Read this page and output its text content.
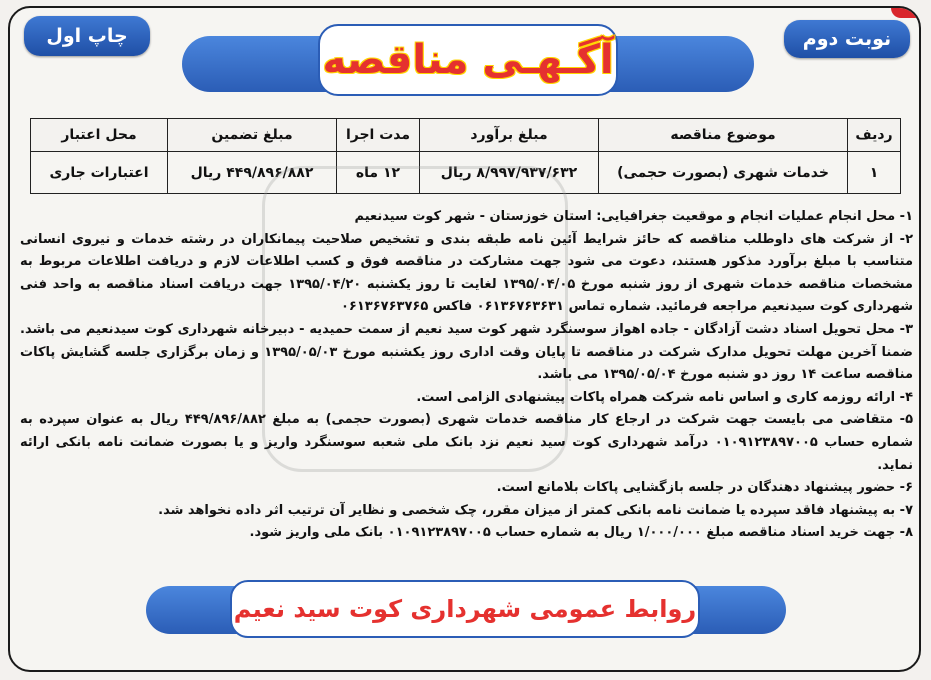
آگـهـی مناقصه	نوبت دوم
چاپ اول
ردیف	موضوع مناقصه	مبلغ برآورد	مدت اجرا	مبلغ تضمین	محل اعتبار
۱	خدمات شهری (بصورت حجمی)	۸/۹۹۷/۹۳۷/۶۳۲ ریال	۱۲ ماه	۴۴۹/۸۹۶/۸۸۲ ریال	اعتبارات جاری

۱- محل انجام عملیات انجام و موقعیت جغرافیایی: استان خوزستان - شهر کوت سیدنعیم

۲- از شرکت های داوطلب مناقصه که حائز شرایط آئین نامه طبقه بندی و تشخیص صلاحیت پیمانکاران در رشته خدمات و نیروی انسانی متناسب با مبلغ برآورد مذکور هستند، دعوت می شود جهت مشارکت در مناقصه فوق و کسب اطلاعات لازم و دریافت اطلاعات مربوط به مشخصات مناقصه خدمات شهری از روز شنبه مورخ ۱۳۹۵/۰۴/۰۵ لغایت تا روز یکشنبه ۱۳۹۵/۰۴/۲۰ جهت دریافت اسناد مناقصه به واحد فنی شهرداری کوت سیدنعیم مراجعه فرمائید. شماره تماس ۰۶۱۳۶۷۶۳۶۳۱ فاکس ۰۶۱۳۶۷۶۳۷۶۵

۳- محل تحویل اسناد دشت آزادگان - جاده اهواز سوسنگرد شهر کوت سید نعیم از سمت حمیدیه - دبیرخانه شهرداری کوت سیدنعیم می باشد. ضمنا آخرین مهلت تحویل مدارک شرکت در مناقصه تا پایان وقت اداری روز یکشنبه مورخ ۱۳۹۵/۰۵/۰۳ و زمان برگزاری جلسه گشایش پاکات مناقصه ساعت ۱۴ روز دو شنبه مورخ ۱۳۹۵/۰۵/۰۴ می باشد.

۴- ارائه روزمه کاری و اساس نامه شرکت همراه پاکات پیشنهادی الزامی است.

۵- متقاضی می بایست جهت شرکت در ارجاع کار مناقصه خدمات شهری (بصورت حجمی) به مبلغ ۴۴۹/۸۹۶/۸۸۲ ریال به عنوان سپرده به شماره حساب ۰۱۰۹۱۲۳۸۹۷۰۰۵ درآمد شهرداری کوت سید نعیم نزد بانک ملی شعبه سوسنگرد واریز و یا بصورت ضمانت نامه بانکی ارائه نماید.

۶- حضور پیشنهاد دهندگان در جلسه بازگشایی پاکات بلامانع است.

۷- به پیشنهاد فاقد سپرده یا ضمانت نامه بانکی کمتر از میزان مقرر، چک شخصی و نظایر آن ترتیب اثر داده نخواهد شد.

۸- جهت خرید اسناد مناقصه مبلغ ۱/۰۰۰/۰۰۰ ریال به شماره حساب ۰۱۰۹۱۲۳۸۹۷۰۰۵ بانک ملی واریز شود.

روابط عمومی شهرداری کوت سید نعیم
